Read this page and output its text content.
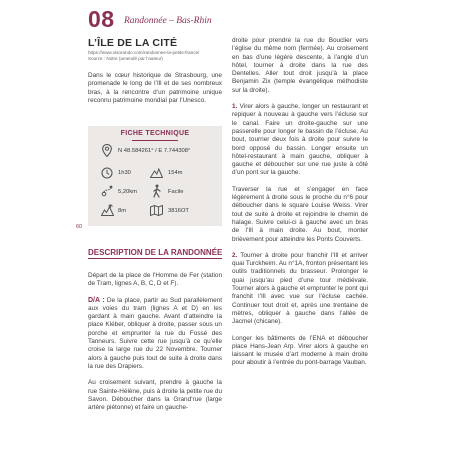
08 Randonnée – Bas-Rhin
L’ÎLE DE LA CITÉ
https://www.visorando.com/randonnee-la-petite-france/
Source : Notre (amendé par l’auteur)

Dans le cœur historique de Strasbourg, une promenade le long de l’Ill et de ses nombreux bras, à la rencontre d’un patrimoine unique reconnu patrimoine mondial par l’Unesco.

60
FICHE TECHNIQUE
N 48.584261° / E 7.744308°
1h30	154m
5,20km	Facile
8m	3816OT
DESCRIPTION DE LA RANDONNÉE

Départ de la place de l’Homme de Fer (station de Tram, lignes A, B, C, D et F).

D/A : De la place, partir au Sud parallèlement aux voies du tram (lignes A et D) en les gardant à main gauche. Avant d’atteindre la place Kléber, obliquer à droite, passer sous un porche et emprunter la rue du Fossé des Tanneurs. Suivre cette rue jusqu’à ce qu’elle croise la large rue du 22 Novembre. Tourner alors à gauche puis tout de suite à droite dans la rue des Drapiers.

Au croisement suivant, prendre à gauche la rue Sainte-Hélène, puis à droite la petite rue du Savon. Déboucher dans la Grand’rue (large artère piétonne) et faire un gauche-

droite pour prendre la rue du Bouclier vers l’église du même nom (fermée). Au croisement en bas d’une légère descente, à l’angle d’un hôtel, tourner à droite dans la rue des Dentelles. Aller tout droit jusqu’à la place Benjamin Zix (temple évangélique méthodiste sur la droite).

1. Virer alors à gauche, longer un restaurant et repiquer à nouveau à gauche vers l’écluse sur le canal. Faire un droite-gauche sur une passerelle pour longer le bassin de l’écluse. Au bout, tourner deux fois à droite pour suivre le bord opposé du bassin. Longer ensuite un hôtel-restaurant à main gauche, obliquer à gauche et déboucher sur une rue juste à côté d’un pont sur la gauche.

Traverser la rue et s’engager en face légèrement à droite sous le proche du n°6 pour déboucher dans le square Louise Weiss. Virer tout de suite à droite et rejoindre le chemin de halage. Suivre celui-ci à gauche avec un bras de l’Ill à main droite. Au bout, monter brièvement pour atteindre les Ponts Couverts.

2. Tourner à droite pour franchir l’Ill et arriver quai Turckheim. Au n°1A, fronton présentant les outils traditionnels du brasseur. Prolonger le quai jusqu’au pied d’une tour médiévale. Tourner alors à gauche et emprunter le pont qui franchit l’Ill avec vue sur l’écluse cachée. Continuer tout droit et, après une trentaine de mètres, obliquer à gauche dans l’allée de Jacmel (chicane).

Longer les bâtiments de l’ENA et déboucher place Hans-Jean Arp. Virer alors à gauche en laissant le musée d’art moderne à main droite pour aboutir à l’entrée du pont-barrage Vauban.
